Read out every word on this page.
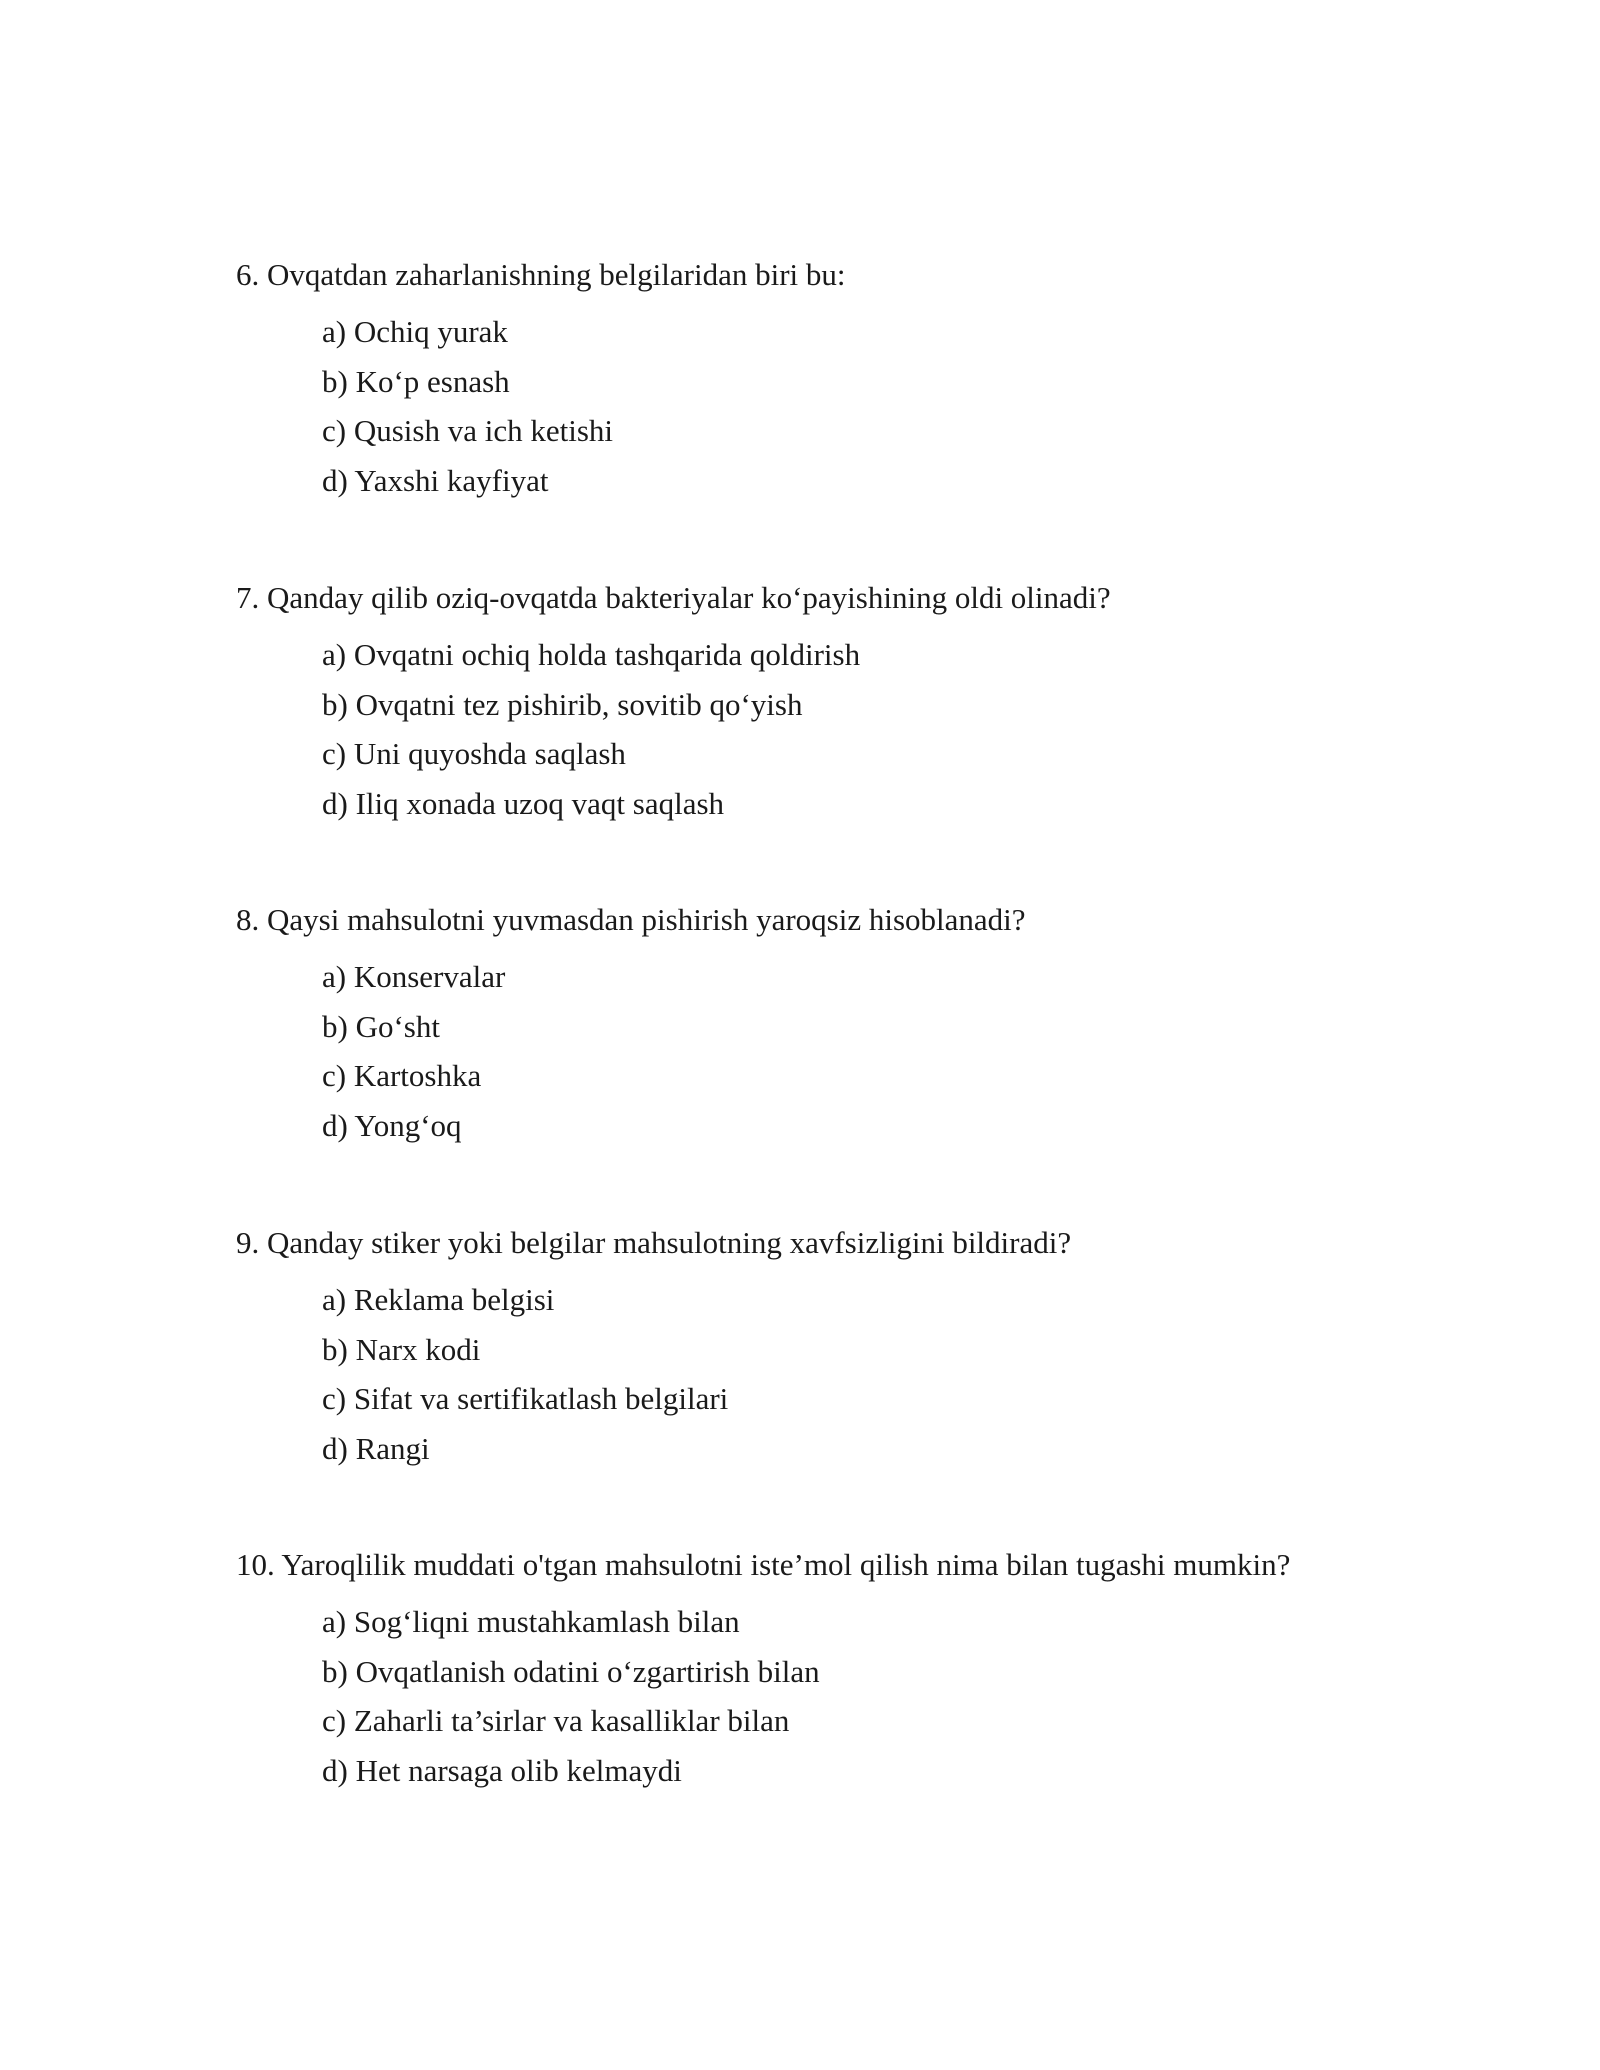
6. Ovqatdan zaharlanishning belgilaridan biri bu:

a) Ochiq yurak
b) Ko‘p esnash
c) Qusish va ich ketishi
d) Yaxshi kayfiyat

7. Qanday qilib oziq-ovqatda bakteriyalar ko‘payishining oldi olinadi?

a) Ovqatni ochiq holda tashqarida qoldirish
b) Ovqatni tez pishirib, sovitib qo‘yish
c) Uni quyoshda saqlash
d) Iliq xonada uzoq vaqt saqlash

8. Qaysi mahsulotni yuvmasdan pishirish yaroqsiz hisoblanadi?

a) Konservalar
b) Go‘sht
c) Kartoshka
d) Yong‘oq

9. Qanday stiker yoki belgilar mahsulotning xavfsizligini bildiradi?

a) Reklama belgisi
b) Narx kodi
c) Sifat va sertifikatlash belgilari
d) Rangi

10. Yaroqlilik muddati o'tgan mahsulotni iste’mol qilish nima bilan tugashi mumkin?

a) Sog‘liqni mustahkamlash bilan
b) Ovqatlanish odatini o‘zgartirish bilan
c) Zaharli ta’sirlar va kasalliklar bilan
d) Het narsaga olib kelmaydi
